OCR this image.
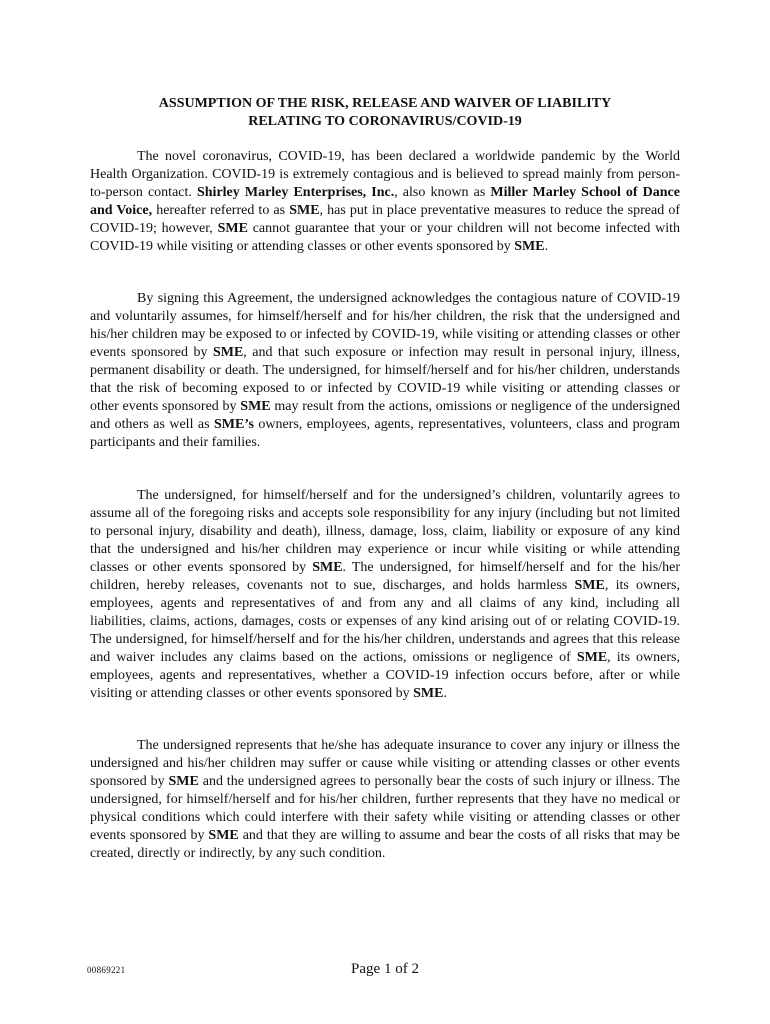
ASSUMPTION OF THE RISK, RELEASE AND WAIVER OF LIABILITY
RELATING TO CORONAVIRUS/COVID-19

The novel coronavirus, COVID-19, has been declared a worldwide pandemic by the World Health Organization. COVID-19 is extremely contagious and is believed to spread mainly from person-to-person contact. Shirley Marley Enterprises, Inc., also known as Miller Marley School of Dance and Voice, hereafter referred to as SME, has put in place preventative measures to reduce the spread of COVID-19; however, SME cannot guarantee that your or your children will not become infected with COVID-19 while visiting or attending classes or other events sponsored by SME.

By signing this Agreement, the undersigned acknowledges the contagious nature of COVID-19 and voluntarily assumes, for himself/herself and for his/her children, the risk that the undersigned and his/her children may be exposed to or infected by COVID-19, while visiting or attending classes or other events sponsored by SME, and that such exposure or infection may result in personal injury, illness, permanent disability or death. The undersigned, for himself/herself and for his/her children, understands that the risk of becoming exposed to or infected by COVID-19 while visiting or attending classes or other events sponsored by SME may result from the actions, omissions or negligence of the undersigned and others as well as SME’s owners, employees, agents, representatives, volunteers, class and program participants and their families.

The undersigned, for himself/herself and for the undersigned’s children, voluntarily agrees to assume all of the foregoing risks and accepts sole responsibility for any injury (including but not limited to personal injury, disability and death), illness, damage, loss, claim, liability or exposure of any kind that the undersigned and his/her children may experience or incur while visiting or while attending classes or other events sponsored by SME. The undersigned, for himself/herself and for the his/her children, hereby releases, covenants not to sue, discharges, and holds harmless SME, its owners, employees, agents and representatives of and from any and all claims of any kind, including all liabilities, claims, actions, damages, costs or expenses of any kind arising out of or relating COVID-19. The undersigned, for himself/herself and for the his/her children, understands and agrees that this release and waiver includes any claims based on the actions, omissions or negligence of SME, its owners, employees, agents and representatives, whether a COVID-19 infection occurs before, after or while visiting or attending classes or other events sponsored by SME.

The undersigned represents that he/she has adequate insurance to cover any injury or illness the undersigned and his/her children may suffer or cause while visiting or attending classes or other events sponsored by SME and the undersigned agrees to personally bear the costs of such injury or illness. The undersigned, for himself/herself and for his/her children, further represents that they have no medical or physical conditions which could interfere with their safety while visiting or attending classes or other events sponsored by SME and that they are willing to assume and bear the costs of all risks that may be created, directly or indirectly, by any such condition.

00869221	Page 1 of 2
